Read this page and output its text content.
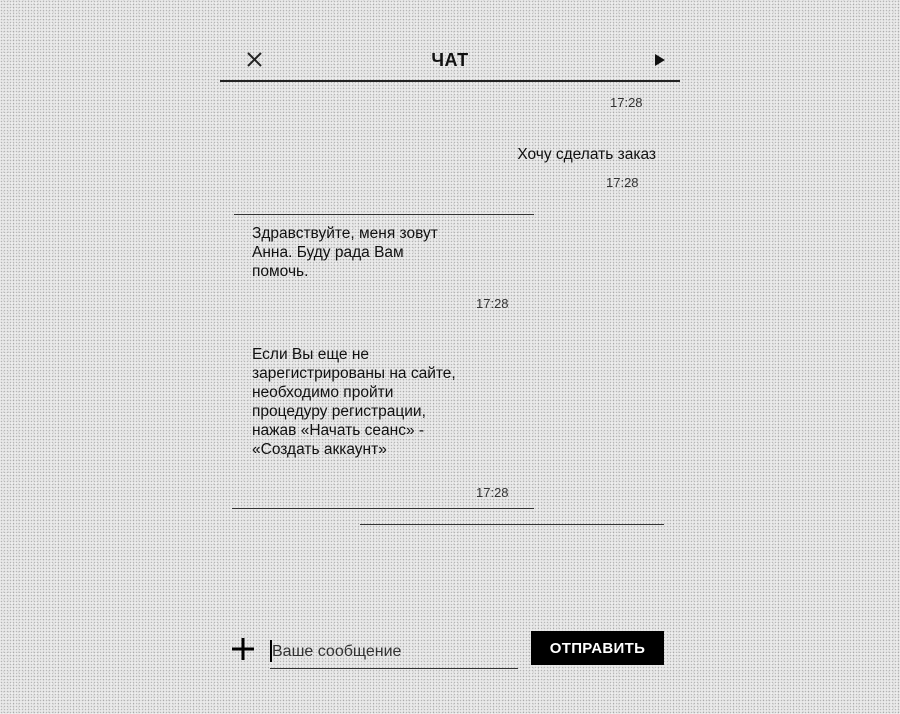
ЧАТ
17:28
Хочу сделать заказ
17:28
Здравствуйте, меня зовут
Анна. Буду рада Вам
помочь.
17:28
Если Вы еще не
зарегистрированы на сайте,
необходимо пройти
процедуру регистрации,
нажав «Начать сеанс» -
«Создать аккаунт»
17:28
Ваше сообщение
ОТПРАВИТЬ
